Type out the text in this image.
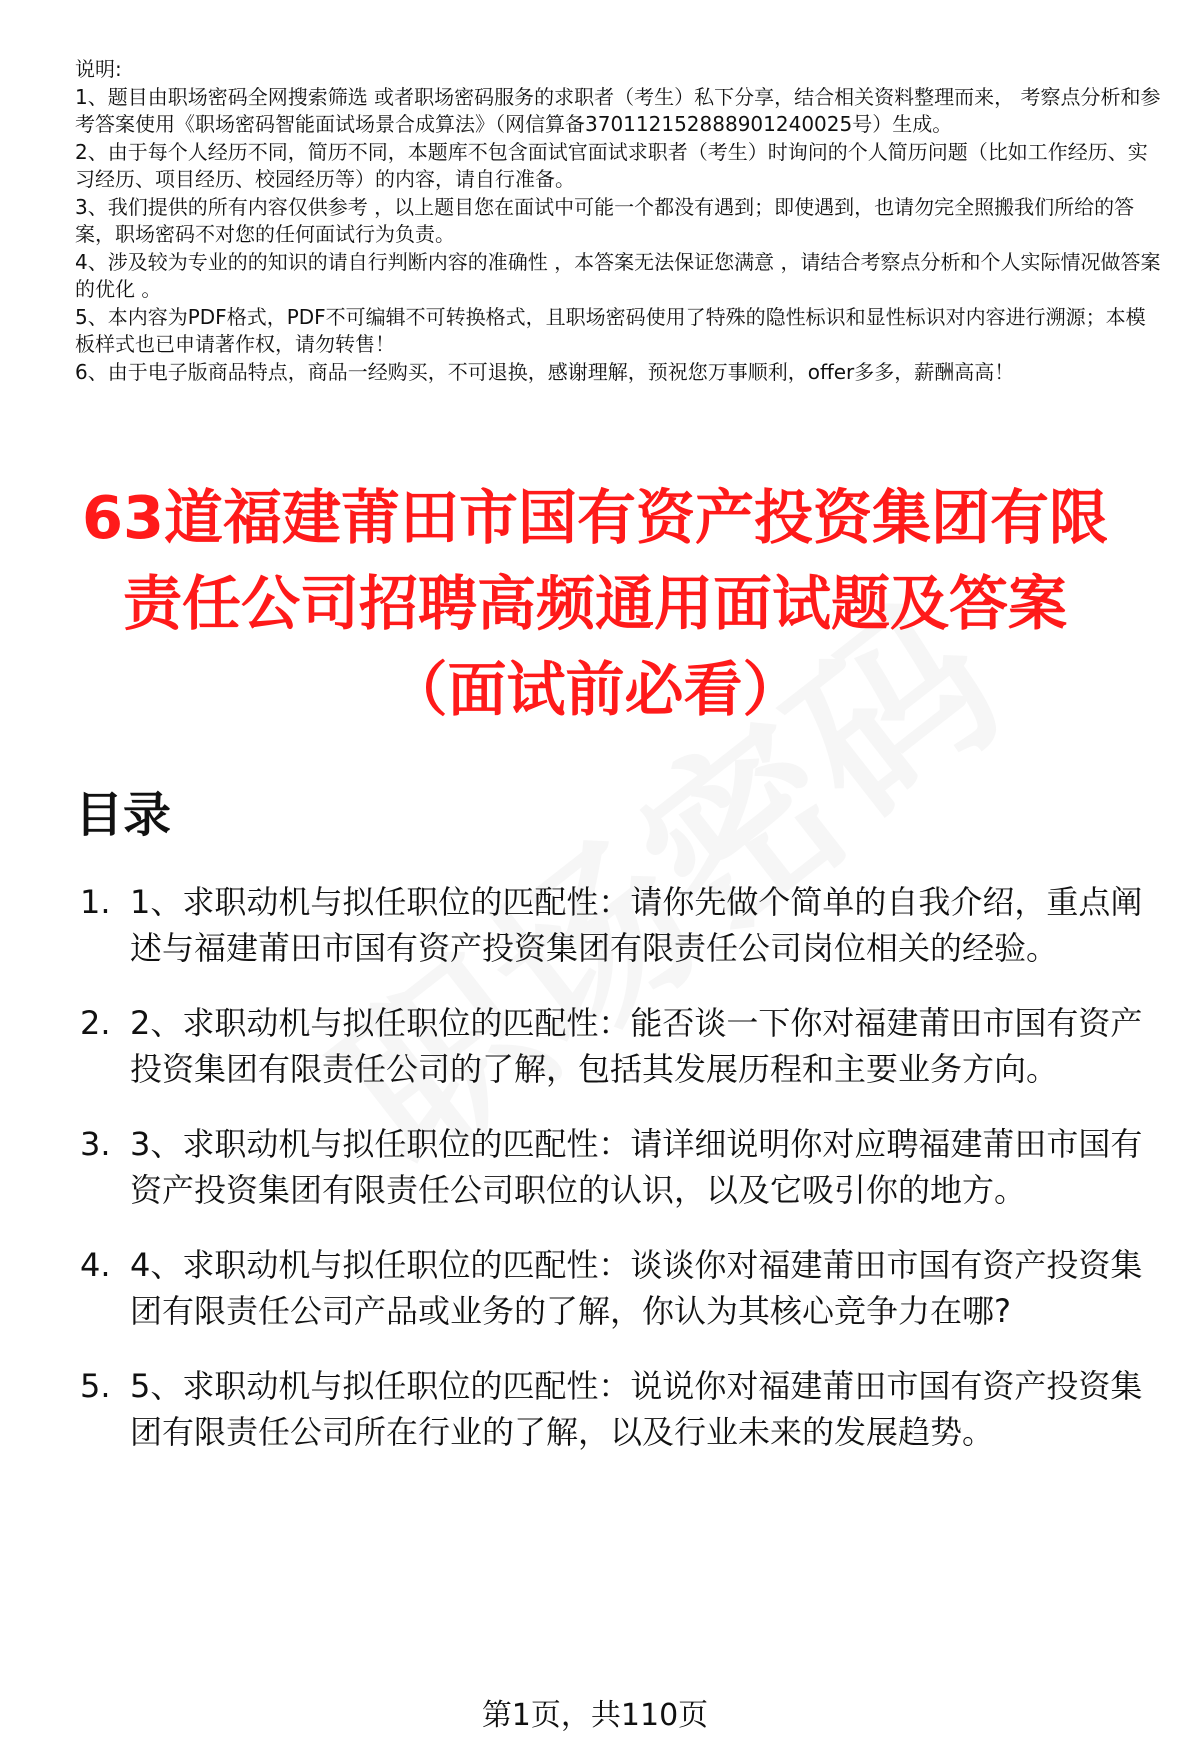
说明:
1、题目由职场密码全网搜索筛选 或者职场密码服务的求职者（考生）私下分享，结合相关资料整理而来， 考察点分析和参考答案使用《职场密码智能面试场景合成算法》（网信算备370112152888901240025号）生成。
2、由于每个人经历不同，简历不同，本题库不包含面试官面试求职者（考生）时询问的个人简历问题（比如工作经历、实习经历、项目经历、校园经历等）的内容，请自行准备。
3、我们提供的所有内容仅供参考 ，以上题目您在面试中可能一个都没有遇到；即使遇到，也请勿完全照搬我们所给的答案，职场密码不对您的任何面试行为负责。
4、涉及较为专业的的知识的请自行判断内容的准确性 ，本答案无法保证您满意 ，请结合考察点分析和个人实际情况做答案的优化 。
5、本内容为PDF格式，PDF不可编辑不可转换格式，且职场密码使用了特殊的隐性标识和显性标识对内容进行溯源；本模板样式也已申请著作权，请勿转售！
6、由于电子版商品特点，商品一经购买，不可退换，感谢理解，预祝您万事顺利，offer多多，薪酬高高！
63道福建莆田市国有资产投资集团有限责任公司招聘高频通用面试题及答案（面试前必看）
目录
1. 1、求职动机与拟任职位的匹配性：请你先做个简单的自我介绍，重点阐述与福建莆田市国有资产投资集团有限责任公司岗位相关的经验。
2. 2、求职动机与拟任职位的匹配性：能否谈一下你对福建莆田市国有资产投资集团有限责任公司的了解，包括其发展历程和主要业务方向。
3. 3、求职动机与拟任职位的匹配性：请详细说明你对应聘福建莆田市国有资产投资集团有限责任公司职位的认识，以及它吸引你的地方。
4. 4、求职动机与拟任职位的匹配性：谈谈你对福建莆田市国有资产投资集团有限责任公司产品或业务的了解，你认为其核心竞争力在哪?
5. 5、求职动机与拟任职位的匹配性：说说你对福建莆田市国有资产投资集团有限责任公司所在行业的了解，以及行业未来的发展趋势。
第1页，共110页
